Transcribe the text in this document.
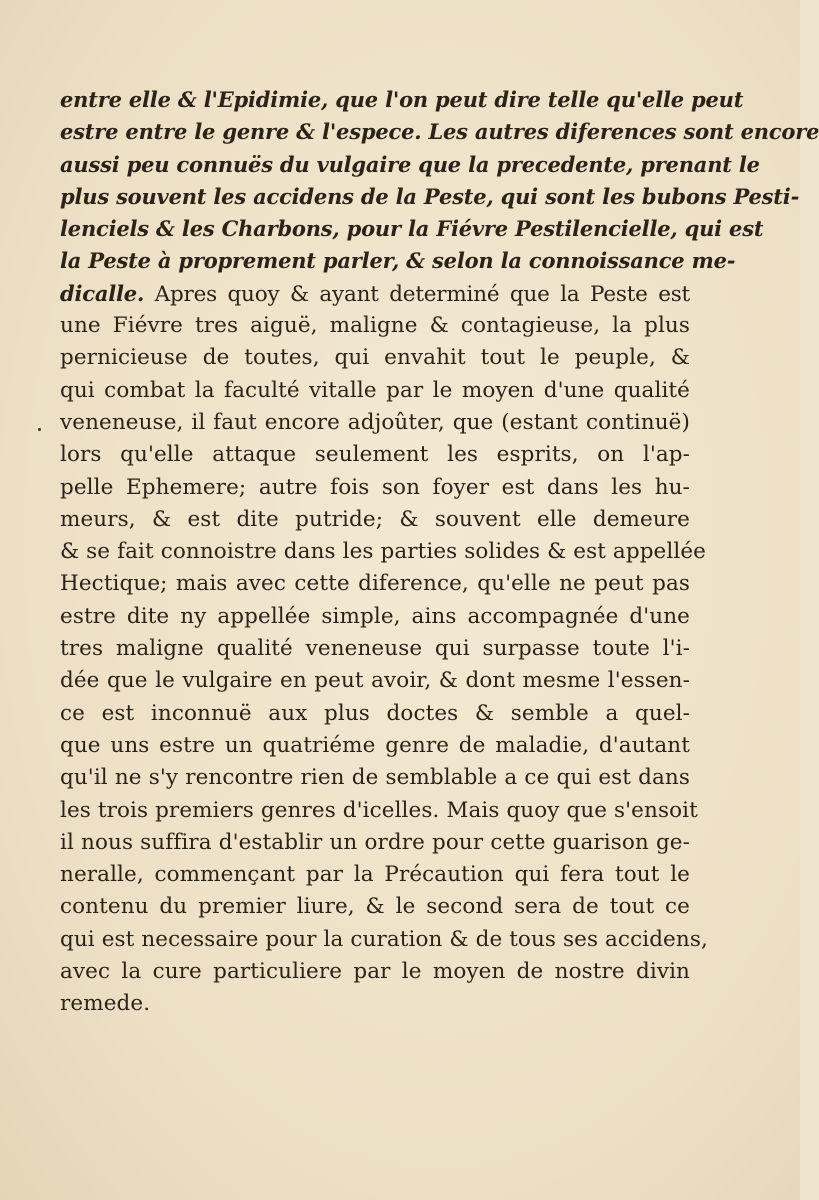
entre elle & l'Epidimie, que l'on peut dire telle qu'elle peut
estre entre le genre & l'espece. Les autres diferences sont encore
aussi peu connuës du vulgaire que la precedente, prenant le
plus souvent les accidens de la Peste, qui sont les bubons Pesti-
lenciels & les Charbons, pour la Fiévre Pestilencielle, qui est
la Peste à proprement parler, & selon la connoissance me-
dicalle. Apres quoy & ayant determiné que la Peste est
une Fiévre tres aiguë, maligne & contagieuse, la plus
pernicieuse de toutes, qui envahit tout le peuple, &
qui combat la faculté vitalle par le moyen d'une qualité
veneneuse, il faut encore adjoûter, que (estant continuë)
lors qu'elle attaque seulement les esprits, on l'ap-
pelle Ephemere; autre fois son foyer est dans les hu-
meurs, & est dite putride; & souvent elle demeure
& se fait connoistre dans les parties solides & est appellée
Hectique; mais avec cette diference, qu'elle ne peut pas
estre dite ny appellée simple, ains accompagnée d'une
tres maligne qualité veneneuse qui surpasse toute l'i-
dée que le vulgaire en peut avoir, & dont mesme l'essen-
ce est inconnuë aux plus doctes & semble a quel-
que uns estre un quatriéme genre de maladie, d'autant
qu'il ne s'y rencontre rien de semblable a ce qui est dans
les trois premiers genres d'icelles. Mais quoy que s'ensoit
il nous suffira d'establir un ordre pour cette guarison ge-
neralle, commençant par la Précaution qui fera tout le
contenu du premier liure, & le second sera de tout ce
qui est necessaire pour la curation & de tous ses accidens,
avec la cure particuliere par le moyen de nostre divin
remede.
